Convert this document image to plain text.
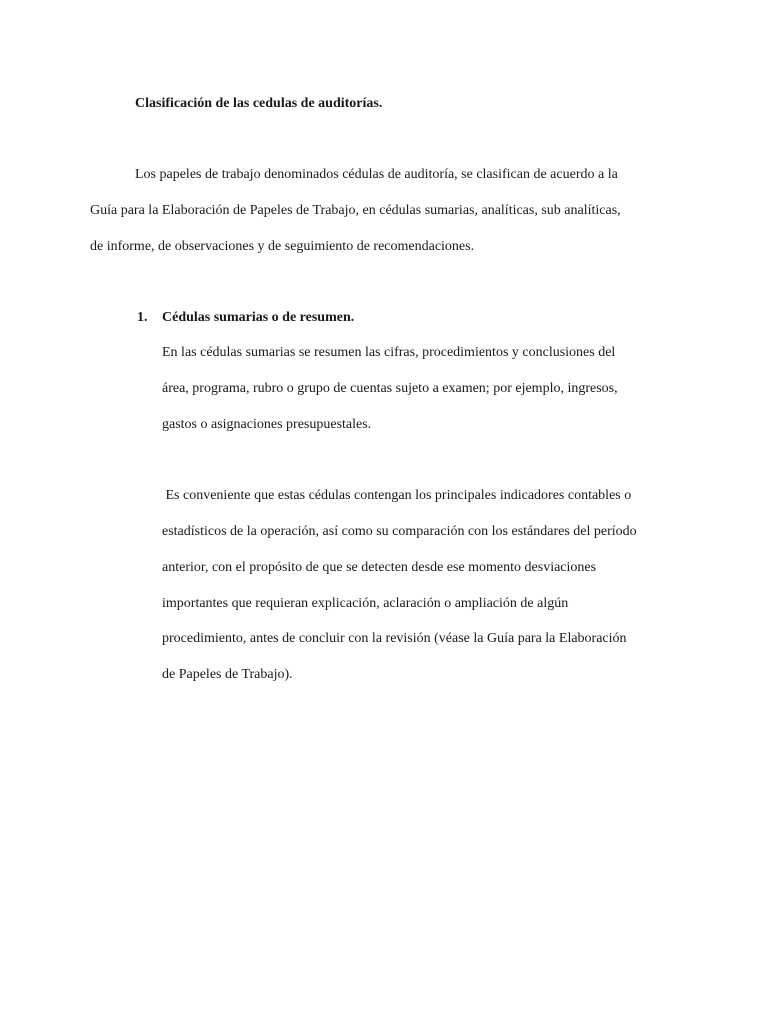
Clasificación de las cedulas de auditorías.
Los papeles de trabajo denominados cédulas de auditoría, se clasifican de acuerdo a la
Guía para la Elaboración de Papeles de Trabajo, en cédulas sumarias, analíticas, sub analíticas,
de informe, de observaciones y de seguimiento de recomendaciones.
1. Cédulas sumarias o de resumen.
En las cédulas sumarias se resumen las cifras, procedimientos y conclusiones del
área, programa, rubro o grupo de cuentas sujeto a examen; por ejemplo, ingresos,
gastos o asignaciones presupuestales.
Es conveniente que estas cédulas contengan los principales indicadores contables o
estadísticos de la operación, así como su comparación con los estándares del período
anterior, con el propósito de que se detecten desde ese momento desviaciones
importantes que requieran explicación, aclaración o ampliación de algún
procedimiento, antes de concluir con la revisión (véase la Guía para la Elaboración
de Papeles de Trabajo).
